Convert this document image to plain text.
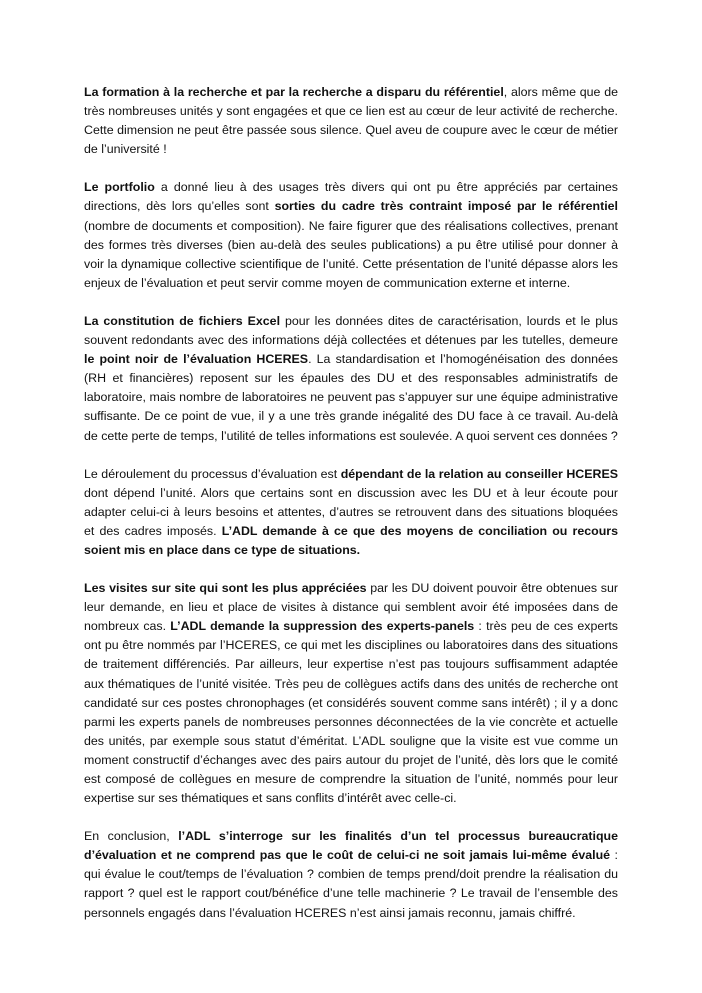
La formation à la recherche et par la recherche a disparu du référentiel, alors même que de très nombreuses unités y sont engagées et que ce lien est au cœur de leur activité de recherche. Cette dimension ne peut être passée sous silence. Quel aveu de coupure avec le cœur de métier de l’université !

Le portfolio a donné lieu à des usages très divers qui ont pu être appréciés par certaines directions, dès lors qu’elles sont sorties du cadre très contraint imposé par le référentiel (nombre de documents et composition). Ne faire figurer que des réalisations collectives, prenant des formes très diverses (bien au-delà des seules publications) a pu être utilisé pour donner à voir la dynamique collective scientifique de l’unité. Cette présentation de l’unité dépasse alors les enjeux de l’évaluation et peut servir comme moyen de communication externe et interne.

La constitution de fichiers Excel pour les données dites de caractérisation, lourds et le plus souvent redondants avec des informations déjà collectées et détenues par les tutelles, demeure le point noir de l’évaluation HCERES. La standardisation et l’homogénéisation des données (RH et financières) reposent sur les épaules des DU et des responsables administratifs de laboratoire, mais nombre de laboratoires ne peuvent pas s’appuyer sur une équipe administrative suffisante. De ce point de vue, il y a une très grande inégalité des DU face à ce travail. Au-delà de cette perte de temps, l’utilité de telles informations est soulevée. A quoi servent ces données ?

Le déroulement du processus d’évaluation est dépendant de la relation au conseiller HCERES dont dépend l’unité. Alors que certains sont en discussion avec les DU et à leur écoute pour adapter celui-ci à leurs besoins et attentes, d’autres se retrouvent dans des situations bloquées et des cadres imposés. L’ADL demande à ce que des moyens de conciliation ou recours soient mis en place dans ce type de situations.

Les visites sur site qui sont les plus appréciées par les DU doivent pouvoir être obtenues sur leur demande, en lieu et place de visites à distance qui semblent avoir été imposées dans de nombreux cas. L’ADL demande la suppression des experts-panels : très peu de ces experts ont pu être nommés par l’HCERES, ce qui met les disciplines ou laboratoires dans des situations de traitement différenciés. Par ailleurs, leur expertise n’est pas toujours suffisamment adaptée aux thématiques de l’unité visitée. Très peu de collègues actifs dans des unités de recherche ont candidaté sur ces postes chronophages (et considérés souvent comme sans intérêt) ; il y a donc parmi les experts panels de nombreuses personnes déconnectées de la vie concrète et actuelle des unités, par exemple sous statut d’éméritat. L’ADL souligne que la visite est vue comme un moment constructif d’échanges avec des pairs autour du projet de l’unité, dès lors que le comité est composé de collègues en mesure de comprendre la situation de l’unité, nommés pour leur expertise sur ses thématiques et sans conflits d’intérêt avec celle-ci.

En conclusion, l’ADL s’interroge sur les finalités d’un tel processus bureaucratique d’évaluation et ne comprend pas que le coût de celui-ci ne soit jamais lui-même évalué : qui évalue le cout/temps de l’évaluation ? combien de temps prend/doit prendre la réalisation du rapport ? quel est le rapport cout/bénéfice d’une telle machinerie ? Le travail de l’ensemble des personnels engagés dans l’évaluation HCERES n’est ainsi jamais reconnu, jamais chiffré.
